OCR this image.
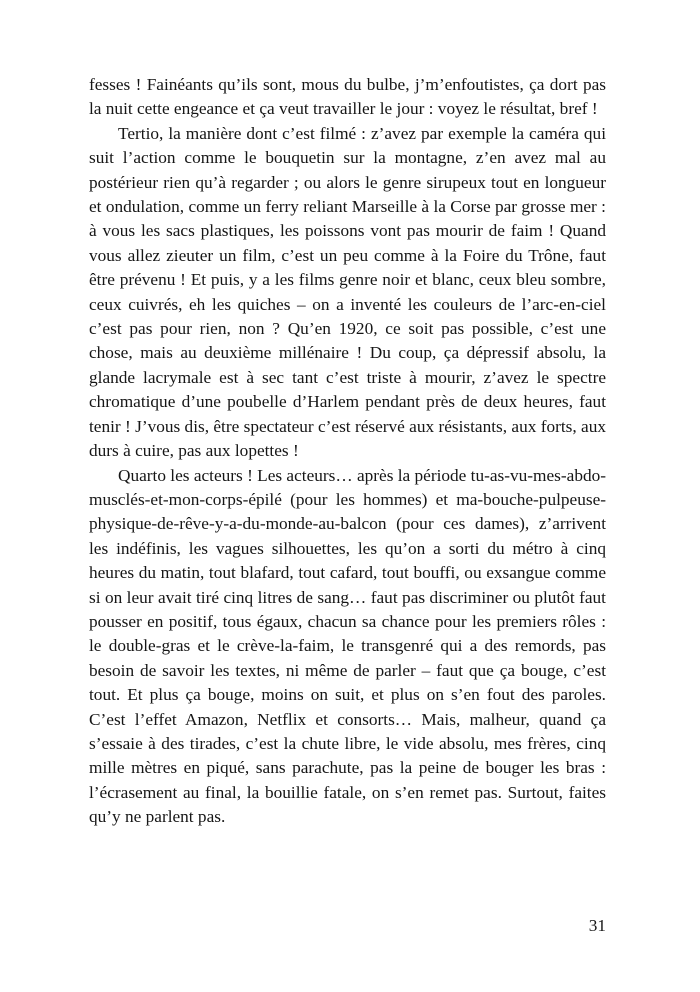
fesses ! Fainéants qu’ils sont, mous du bulbe, j’m’enfoutistes, ça dort pas la nuit cette engeance et ça veut travailler le jour : voyez le résultat, bref !

Tertio, la manière dont c’est filmé : z’avez par exemple la caméra qui suit l’action comme le bouquetin sur la montagne, z’en avez mal au postérieur rien qu’à regarder ; ou alors le genre sirupeux tout en longueur et ondulation, comme un ferry reliant Marseille à la Corse par grosse mer : à vous les sacs plastiques, les poissons vont pas mourir de faim ! Quand vous allez zieuter un film, c’est un peu comme à la Foire du Trône, faut être prévenu ! Et puis, y a les films genre noir et blanc, ceux bleu sombre, ceux cuivrés, eh les quiches – on a inventé les couleurs de l’arc-en-ciel c’est pas pour rien, non ? Qu’en 1920, ce soit pas possible, c’est une chose, mais au deuxième millénaire ! Du coup, ça dépressif absolu, la glande lacrymale est à sec tant c’est triste à mourir, z’avez le spectre chromatique d’une poubelle d’Harlem pendant près de deux heures, faut tenir ! J’vous dis, être spectateur c’est réservé aux résistants, aux forts, aux durs à cuire, pas aux lopettes !

Quarto les acteurs ! Les acteurs… après la période tu-as-vu-mes-abdo-musclés-et-mon-corps-épilé (pour les hommes) et ma-bouche-pulpeuse-physique-de-rêve-y-a-du-monde-au-balcon (pour ces dames), z’arrivent les indéfinis, les vagues silhouettes, les qu’on a sorti du métro à cinq heures du matin, tout blafard, tout cafard, tout bouffi, ou exsangue comme si on leur avait tiré cinq litres de sang… faut pas discriminer ou plutôt faut pousser en positif, tous égaux, chacun sa chance pour les premiers rôles : le double-gras et le crève-la-faim, le transgenré qui a des remords, pas besoin de savoir les textes, ni même de parler – faut que ça bouge, c’est tout. Et plus ça bouge, moins on suit, et plus on s’en fout des paroles. C’est l’effet Amazon, Netflix et consorts… Mais, malheur, quand ça s’essaie à des tirades, c’est la chute libre, le vide absolu, mes frères, cinq mille mètres en piqué, sans parachute, pas la peine de bouger les bras : l’écrasement au final, la bouillie fatale, on s’en remet pas. Surtout, faites qu’y ne parlent pas.

31
